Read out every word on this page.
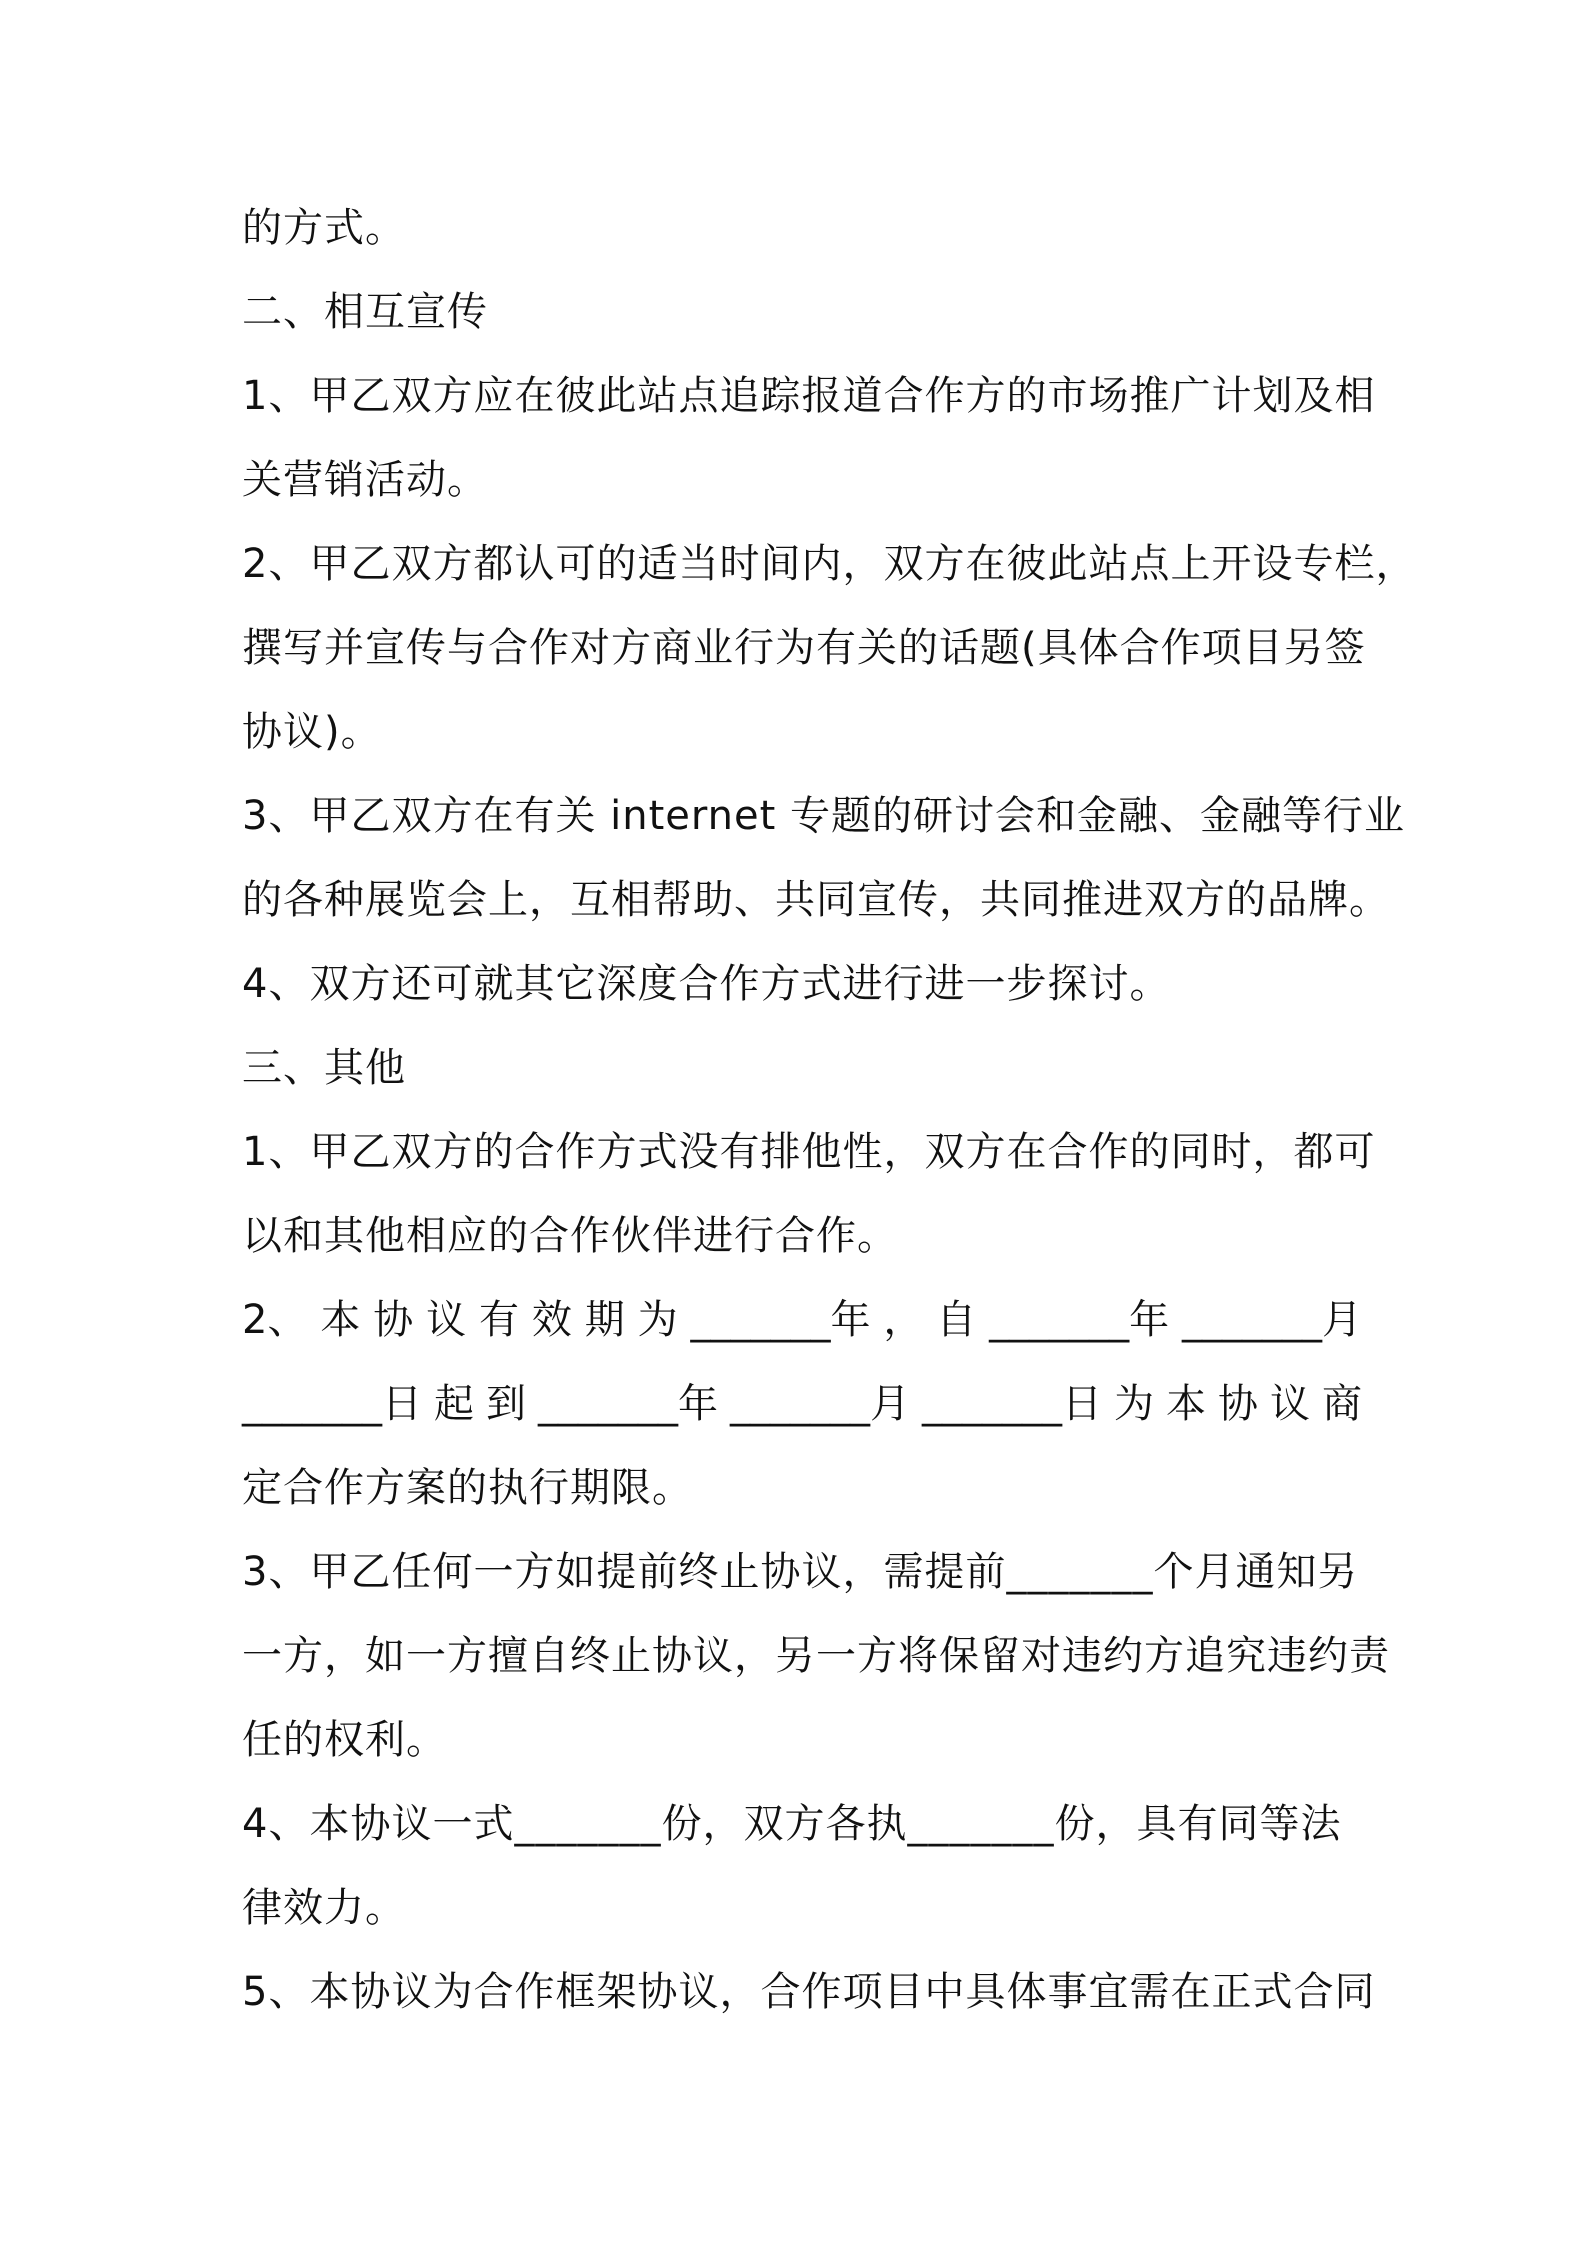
的方式。
二、相互宣传
1、甲乙双方应在彼此站点追踪报道合作方的市场推广计划及相
关营销活动。
2、甲乙双方都认可的适当时间内，双方在彼此站点上开设专栏，
撰写并宣传与合作对方商业行为有关的话题(具体合作项目另签
协议)。
3、甲乙双方在有关 internet 专题的研讨会和金融、金融等行业
的各种展览会上，互相帮助、共同宣传，共同推进双方的品牌。
4、双方还可就其它深度合作方式进行进一步探讨。
三、其他
1、甲乙双方的合作方式没有排他性，双方在合作的同时，都可
以和其他相应的合作伙伴进行合作。
2、 本 协 议 有 效 期 为 _______年 ， 自 _______年 _______月
_______日 起 到 _______年 _______月 _______日 为 本 协 议 商
定合作方案的执行期限。
3、甲乙任何一方如提前终止协议，需提前_______个月通知另
一方，如一方擅自终止协议，另一方将保留对违约方追究违约责
任的权利。
4、本协议一式_______份，双方各执_______份，具有同等法
律效力。
5、本协议为合作框架协议，合作项目中具体事宜需在正式合同
